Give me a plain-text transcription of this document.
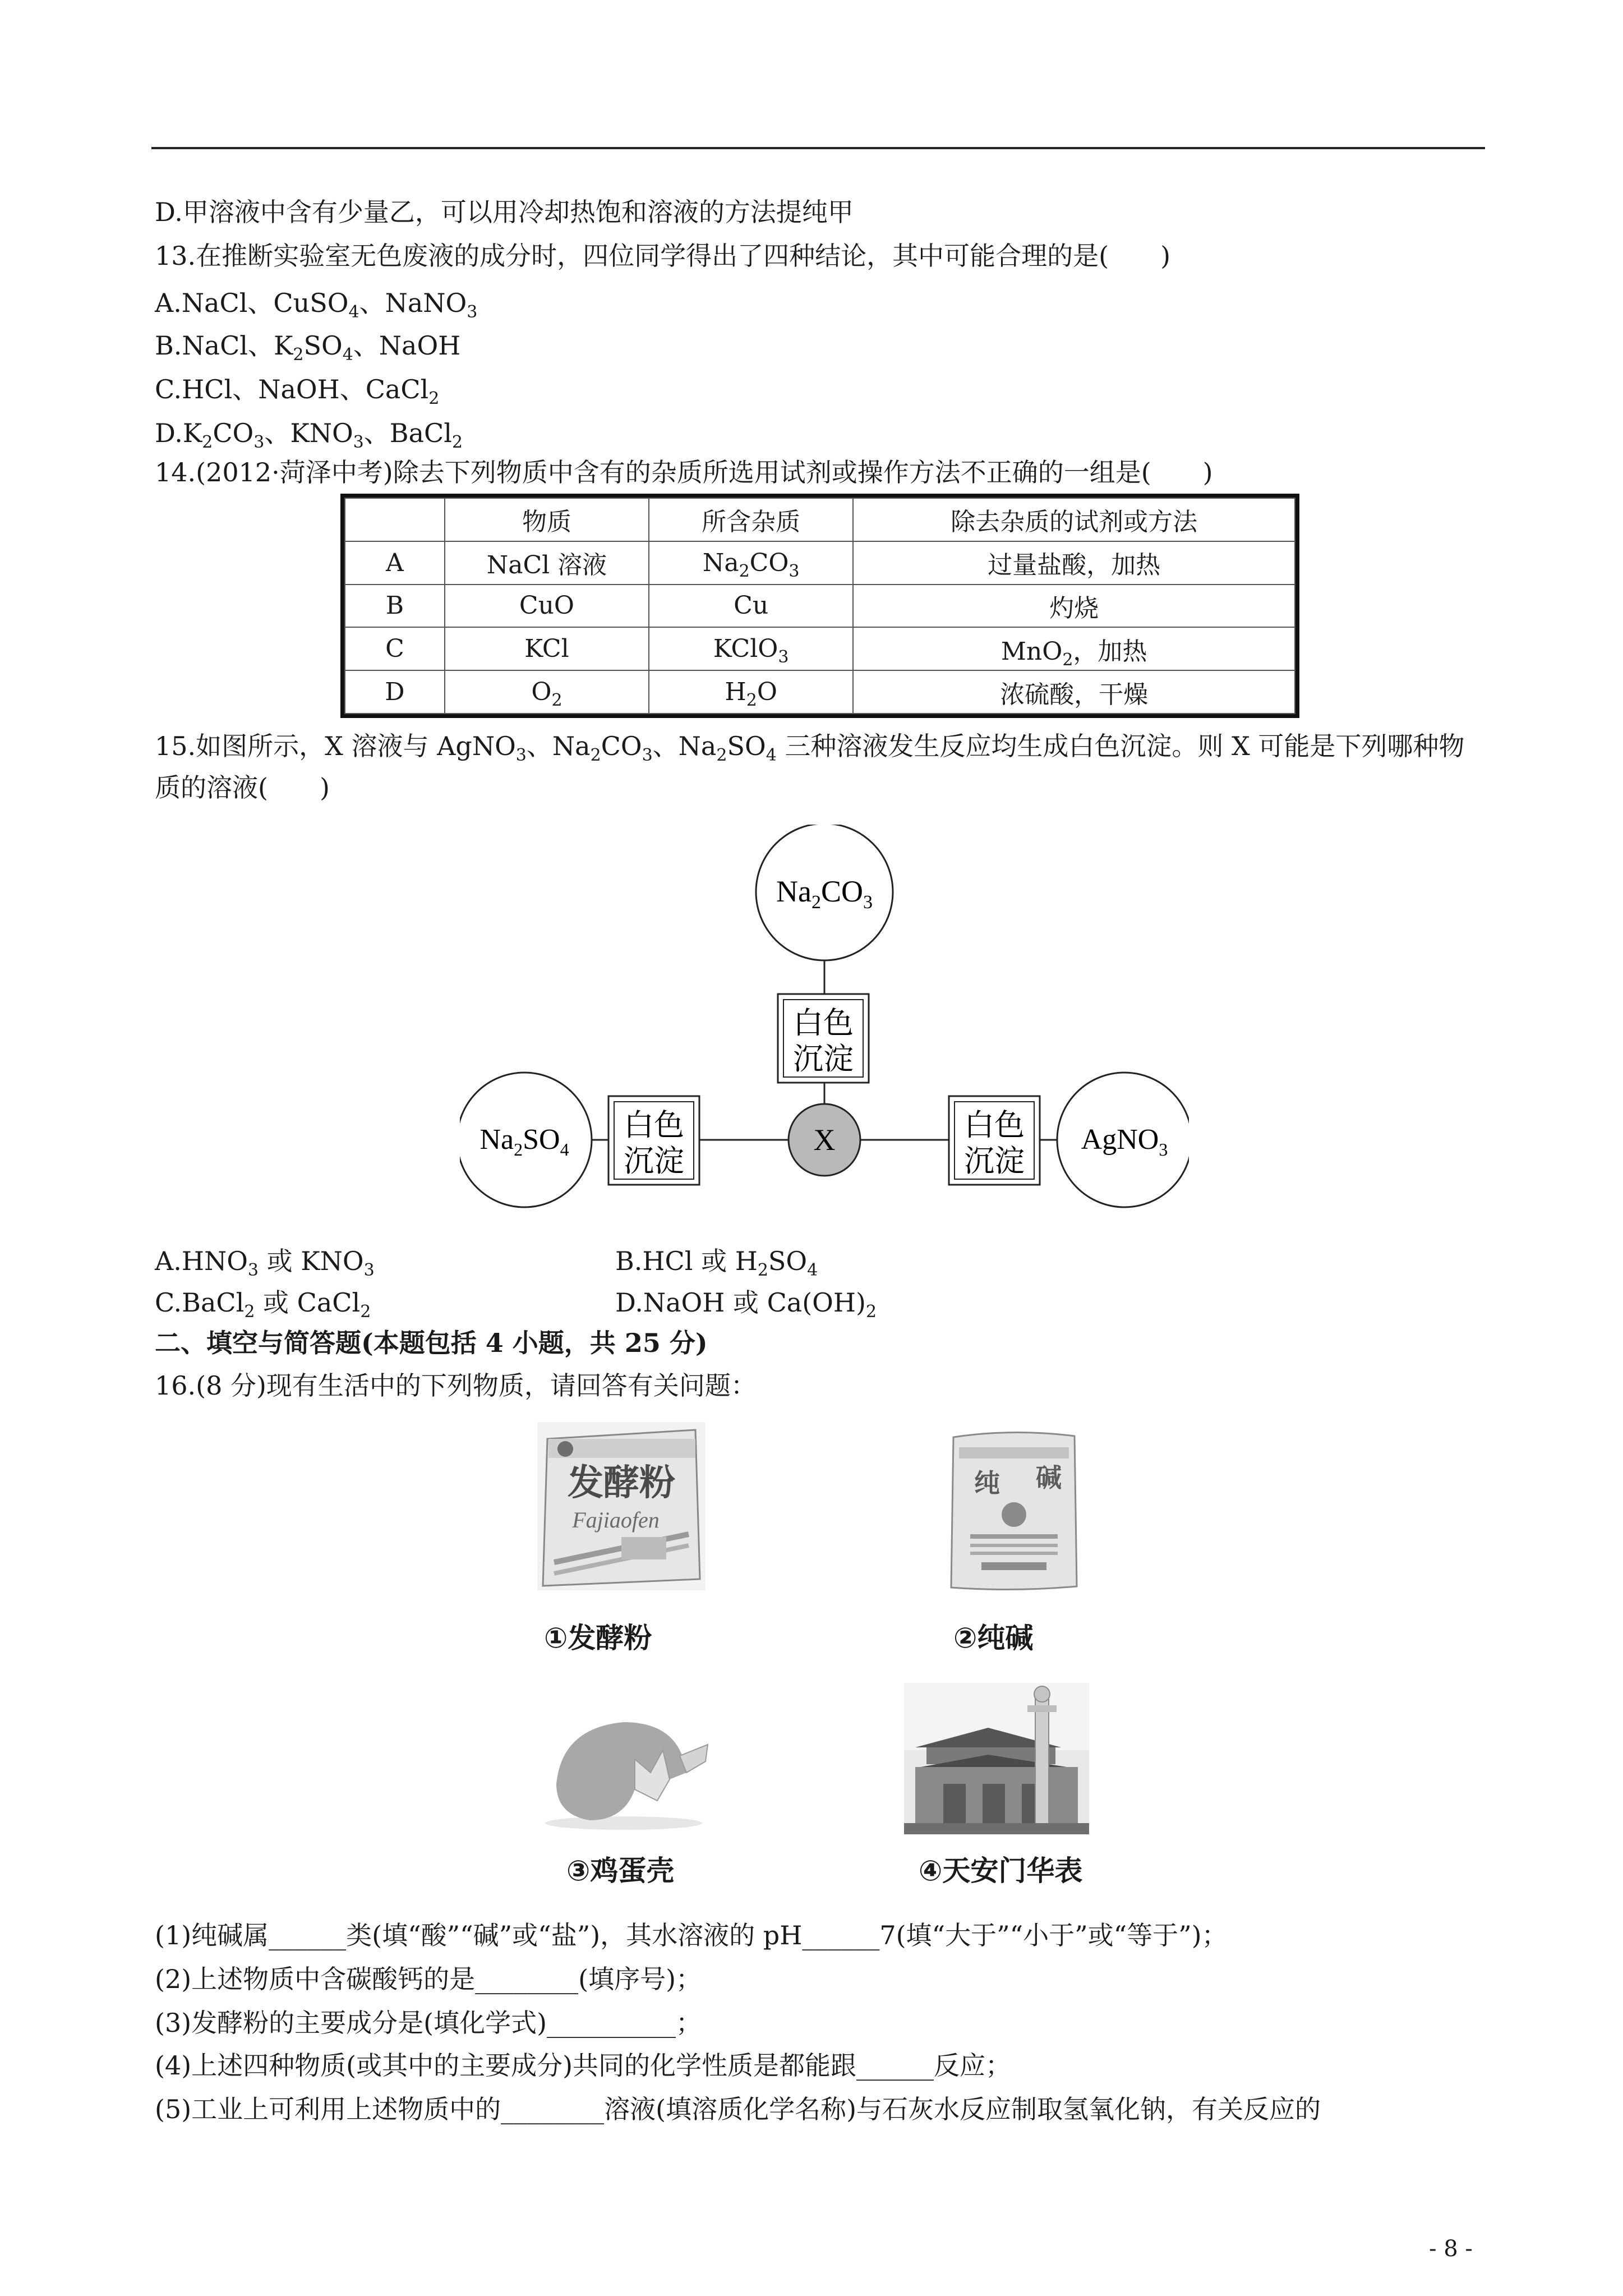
D.甲溶液中含有少量乙，可以用冷却热饱和溶液的方法提纯甲
13.在推断实验室无色废液的成分时，四位同学得出了四种结论，其中可能合理的是(　　)
A.NaCl、CuSO$_4$、NaNO$_3$
B.NaCl、$K_2SO_4$、NaOH
C.HCl、NaOH、CaCl$_2$
$D.K_2CO_3$、$KNO_3$、BaCl$_2$
14.(2012·菏泽中考)除去下列物质中含有的杂质所选用试剂或操作方法不正确的一组是(　　)
	物质	所含杂质	除去杂质的试剂或方法
A	NaCl 溶液	$Na_2CO_3$	过量盐酸，加热
B	CuO	Cu	灼烧
C	KCl	KClO$_3$	MnO$_2$，加热
D	$O_2$	$H_2O$	浓硫酸，干燥
15.如图所示，X 溶液与 AgNO$_3$、$Na_2CO_3$、$Na_2SO_4$ 三种溶液发生反应均生成白色沉淀。则 X 可能是下列哪种物
质的溶液(　　)
$Na_2CO_3$
$Na_2SO_4$	AgNO$_3$
X
白色
沉淀
白色
沉淀
白色
沉淀
$A.HNO_3$ 或 $KNO_3$	B.HCl 或 $H_2SO_4$
C.BaCl$_2$ 或 CaCl$_2$	D.NaOH 或 $Ca(OH)_2$
二、填空与简答题(本题包括 4 小题，共 25 分)
16.(8 分)现有生活中的下列物质，请回答有关问题：
发酵粉
Fajiaofen
①发酵粉
纯 碱
②纯碱
③鸡蛋壳	④天安门华表
(1)纯碱属______类(填“酸”“碱”或“盐”)，其水溶液的 pH______7(填“大于”“小于”或“等于”)；
(2)上述物质中含碳酸钙的是________(填序号)；
(3)发酵粉的主要成分是(填化学式)__________；
(4)上述四种物质(或其中的主要成分)共同的化学性质是都能跟______反应；
(5)工业上可利用上述物质中的________溶液(填溶质化学名称)与石灰水反应制取氢氧化钠，有关反应的
- 8 -
